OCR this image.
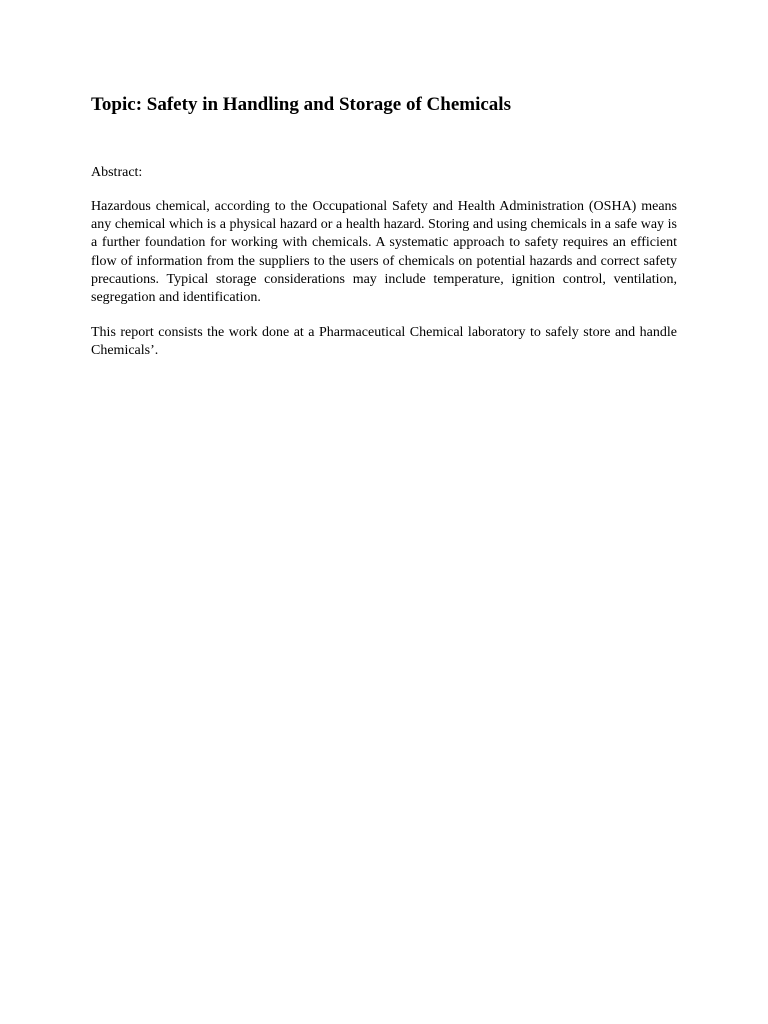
Topic: Safety in Handling and Storage of Chemicals

Abstract:

Hazardous chemical, according to the Occupational Safety and Health Administration (OSHA) means any chemical which is a physical hazard or a health hazard. Storing and using chemicals in a safe way is a further foundation for working with chemicals. A systematic approach to safety requires an efficient flow of information from the suppliers to the users of chemicals on potential hazards and correct safety precautions. Typical storage considerations may include temperature, ignition control, ventilation, segregation and identification.

This report consists the work done at a Pharmaceutical Chemical laboratory to safely store and handle Chemicals’.
